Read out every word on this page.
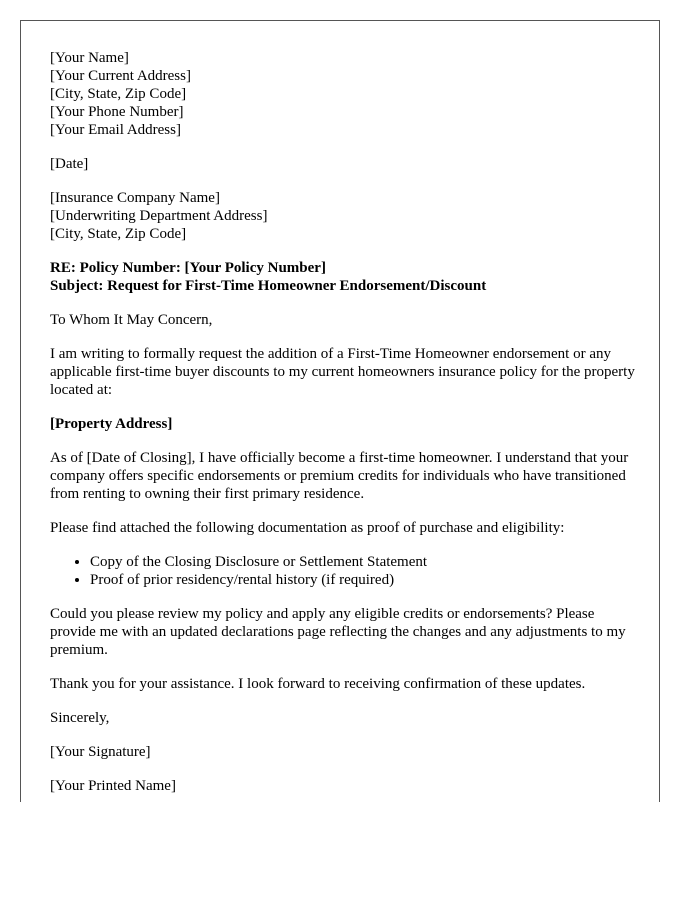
[Your Name]
[Your Current Address]
[City, State, Zip Code]
[Your Phone Number]
[Your Email Address]
[Date]
[Insurance Company Name]
[Underwriting Department Address]
[City, State, Zip Code]
RE: Policy Number: [Your Policy Number]
Subject: Request for First-Time Homeowner Endorsement/Discount
To Whom It May Concern,
I am writing to formally request the addition of a First-Time Homeowner endorsement or any applicable first-time buyer discounts to my current homeowners insurance policy for the property located at:
[Property Address]
As of [Date of Closing], I have officially become a first-time homeowner. I understand that your company offers specific endorsements or premium credits for individuals who have transitioned from renting to owning their first primary residence.
Please find attached the following documentation as proof of purchase and eligibility:
• Copy of the Closing Disclosure or Settlement Statement
• Proof of prior residency/rental history (if required)
Could you please review my policy and apply any eligible credits or endorsements? Please provide me with an updated declarations page reflecting the changes and any adjustments to my premium.
Thank you for your assistance. I look forward to receiving confirmation of these updates.
Sincerely,
[Your Signature]
[Your Printed Name]
